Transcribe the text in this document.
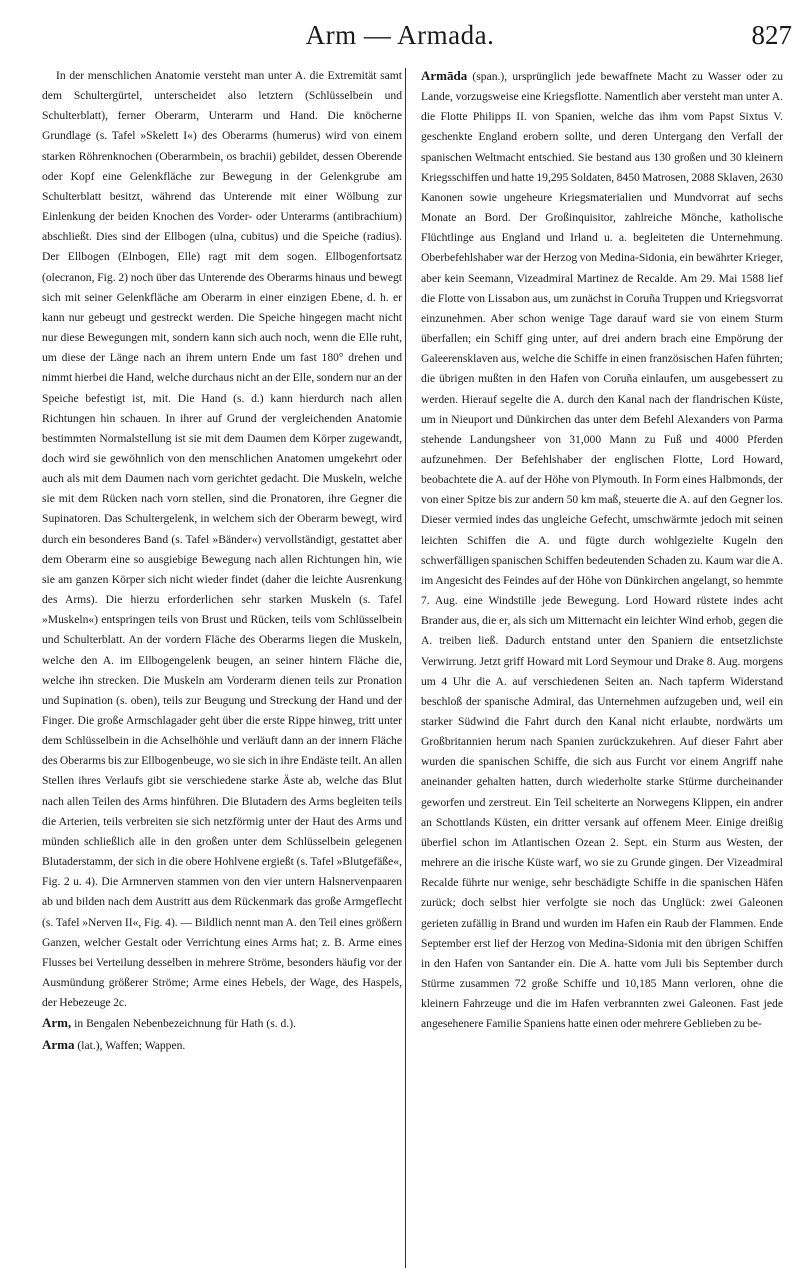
Arm — Armada.	827

In der menschlichen Anatomie versteht man unter A. die Extremität samt dem Schultergürtel, unterscheidet also letztern (Schlüsselbein und Schulterblatt), ferner Oberarm, Unterarm und Hand. Die knöcherne Grundlage (s. Tafel »Skelett I«) des Oberarms (humerus) wird von einem starken Röhrenknochen (Oberarmbein, os brachii) gebildet, dessen Oberende oder Kopf eine Gelenkfläche zur Bewegung in der Gelenkgrube am Schulterblatt besitzt, während das Unterende mit einer Wölbung zur Einlenkung der beiden Knochen des Vorder- oder Unterarms (antibrachium) abschließt. Dies sind der Ellbogen (ulna, cubitus) und die Speiche (radius). Der Ellbogen (Elnbogen, Elle) ragt mit dem sogen. Ellbogenfortsatz (olecranon, Fig. 2) noch über das Unterende des Oberarms hinaus und bewegt sich mit seiner Gelenkfläche am Oberarm in einer einzigen Ebene, d. h. er kann nur gebeugt und gestreckt werden. Die Speiche hingegen macht nicht nur diese Bewegungen mit, sondern kann sich auch noch, wenn die Elle ruht, um diese der Länge nach an ihrem untern Ende um fast 180° drehen und nimmt hierbei die Hand, welche durchaus nicht an der Elle, sondern nur an der Speiche befestigt ist, mit. Die Hand (s. d.) kann hierdurch nach allen Richtungen hin schauen. In ihrer auf Grund der vergleichenden Anatomie bestimmten Normalstellung ist sie mit dem Daumen dem Körper zugewandt, doch wird sie gewöhnlich von den menschlichen Anatomen umgekehrt oder auch als mit dem Daumen nach vorn gerichtet gedacht. Die Muskeln, welche sie mit dem Rücken nach vorn stellen, sind die Pronatoren, ihre Gegner die Supinatoren. Das Schultergelenk, in welchem sich der Oberarm bewegt, wird durch ein besonderes Band (s. Tafel »Bänder«) vervollständigt, gestattet aber dem Oberarm eine so ausgiebige Bewegung nach allen Richtungen hin, wie sie am ganzen Körper sich nicht wieder findet (daher die leichte Ausrenkung des Arms). Die hierzu erforderlichen sehr starken Muskeln (s. Tafel »Muskeln«) entspringen teils von Brust und Rücken, teils vom Schlüsselbein und Schulterblatt. An der vordern Fläche des Oberarms liegen die Muskeln, welche den A. im Ellbogengelenk beugen, an seiner hintern Fläche die, welche ihn strecken. Die Muskeln am Vorderarm dienen teils zur Pronation und Supination (s. oben), teils zur Beugung und Streckung der Hand und der Finger. Die große Armschlagader geht über die erste Rippe hinweg, tritt unter dem Schlüsselbein in die Achselhöhle und verläuft dann an der innern Fläche des Oberarms bis zur Ellbogenbeuge, wo sie sich in ihre Endäste teilt. An allen Stellen ihres Verlaufs gibt sie verschiedene starke Äste ab, welche das Blut nach allen Teilen des Arms hinführen. Die Blutadern des Arms begleiten teils die Arterien, teils verbreiten sie sich netzförmig unter der Haut des Arms und münden schließlich alle in den großen unter dem Schlüsselbein gelegenen Blutaderstamm, der sich in die obere Hohlvene ergießt (s. Tafel »Blutgefäße«, Fig. 2 u. 4). Die Armnerven stammen von den vier untern Halsnervenpaaren ab und bilden nach dem Austritt aus dem Rückenmark das große Armgeflecht (s. Tafel »Nerven II«, Fig. 4). — Bildlich nennt man A. den Teil eines größern Ganzen, welcher Gestalt oder Verrichtung eines Arms hat; z. B. Arme eines Flusses bei Verteilung desselben in mehrere Ströme, besonders häufig vor der Ausmündung größerer Ströme; Arme eines Hebels, der Wage, des Haspels, der Hebezeuge 2c.

Arm, in Bengalen Nebenbezeichnung für Hath (s. d.).

Arma (lat.), Waffen; Wappen.

Armāda (span.), ursprünglich jede bewaffnete Macht zu Wasser oder zu Lande, vorzugsweise eine Kriegsflotte. Namentlich aber versteht man unter A. die Flotte Philipps II. von Spanien, welche das ihm vom Papst Sixtus V. geschenkte England erobern sollte, und deren Untergang den Verfall der spanischen Weltmacht entschied. Sie bestand aus 130 großen und 30 kleinern Kriegsschiffen und hatte 19,295 Soldaten, 8450 Matrosen, 2088 Sklaven, 2630 Kanonen sowie ungeheure Kriegsmaterialien und Mundvorrat auf sechs Monate an Bord. Der Großinquisitor, zahlreiche Mönche, katholische Flüchtlinge aus England und Irland u. a. begleiteten die Unternehmung. Oberbefehlshaber war der Herzog von Medina-Sidonia, ein bewährter Krieger, aber kein Seemann, Vizeadmiral Martinez de Recalde. Am 29. Mai 1588 lief die Flotte von Lissabon aus, um zunächst in Coruña Truppen und Kriegsvorrat einzunehmen. Aber schon wenige Tage darauf ward sie von einem Sturm überfallen; ein Schiff ging unter, auf drei andern brach eine Empörung der Galeerensklaven aus, welche die Schiffe in einen französischen Hafen führten; die übrigen mußten in den Hafen von Coruña einlaufen, um ausgebessert zu werden. Hierauf segelte die A. durch den Kanal nach der flandrischen Küste, um in Nieuport und Dünkirchen das unter dem Befehl Alexanders von Parma stehende Landungsheer von 31,000 Mann zu Fuß und 4000 Pferden aufzunehmen. Der Befehlshaber der englischen Flotte, Lord Howard, beobachtete die A. auf der Höhe von Plymouth. In Form eines Halbmonds, der von einer Spitze bis zur andern 50 km maß, steuerte die A. auf den Gegner los. Dieser vermied indes das ungleiche Gefecht, umschwärmte jedoch mit seinen leichten Schiffen die A. und fügte durch wohlgezielte Kugeln den schwerfälligen spanischen Schiffen bedeutenden Schaden zu. Kaum war die A. im Angesicht des Feindes auf der Höhe von Dünkirchen angelangt, so hemmte 7. Aug. eine Windstille jede Bewegung. Lord Howard rüstete indes acht Brander aus, die er, als sich um Mitternacht ein leichter Wind erhob, gegen die A. treiben ließ. Dadurch entstand unter den Spaniern die entsetzlichste Verwirrung. Jetzt griff Howard mit Lord Seymour und Drake 8. Aug. morgens um 4 Uhr die A. auf verschiedenen Seiten an. Nach tapferm Widerstand beschloß der spanische Admiral, das Unternehmen aufzugeben und, weil ein starker Südwind die Fahrt durch den Kanal nicht erlaubte, nordwärts um Großbritannien herum nach Spanien zurückzukehren. Auf dieser Fahrt aber wurden die spanischen Schiffe, die sich aus Furcht vor einem Angriff nahe aneinander gehalten hatten, durch wiederholte starke Stürme durcheinander geworfen und zerstreut. Ein Teil scheiterte an Norwegens Klippen, ein andrer an Schottlands Küsten, ein dritter versank auf offenem Meer. Einige dreißig überfiel schon im Atlantischen Ozean 2. Sept. ein Sturm aus Westen, der mehrere an die irische Küste warf, wo sie zu Grunde gingen. Der Vizeadmiral Recalde führte nur wenige, sehr beschädigte Schiffe in die spanischen Häfen zurück; doch selbst hier verfolgte sie noch das Unglück: zwei Galeonen gerieten zufällig in Brand und wurden im Hafen ein Raub der Flammen. Ende September erst lief der Herzog von Medina-Sidonia mit den übrigen Schiffen in den Hafen von Santander ein. Die A. hatte vom Juli bis September durch Stürme zusammen 72 große Schiffe und 10,185 Mann verloren, ohne die kleinern Fahrzeuge und die im Hafen verbrannten zwei Galeonen. Fast jede angesehenere Familie Spaniens hatte einen oder mehrere Geblieben zu be-
